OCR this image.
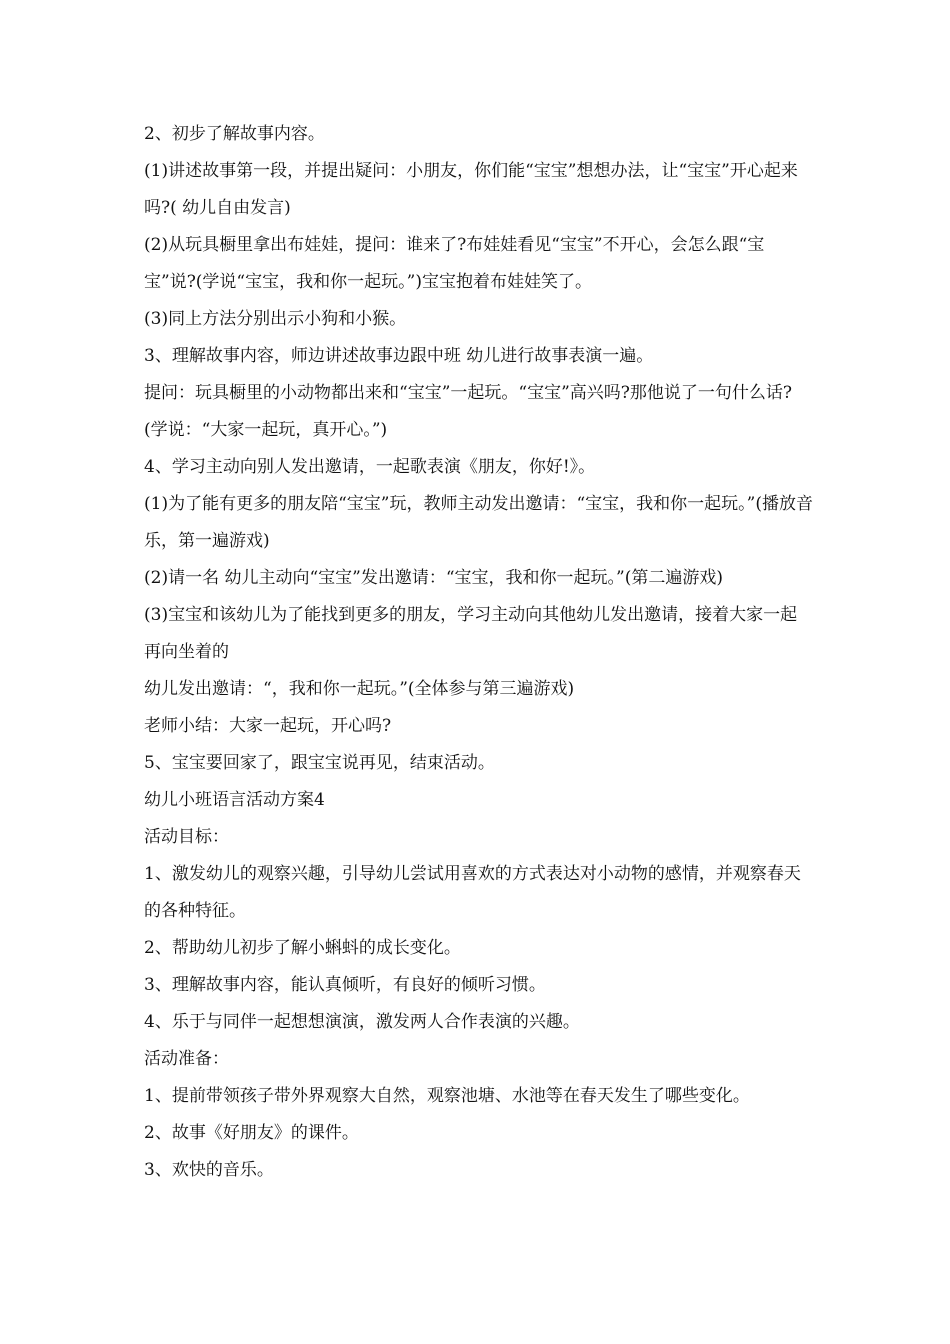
2、初步了解故事内容。

(1)讲述故事第一段，并提出疑问：小朋友，你们能“宝宝”想想办法，让“宝宝”开心起来吗?( 幼儿自由发言)

(2)从玩具橱里拿出布娃娃，提问：谁来了?布娃娃看见“宝宝”不开心，会怎么跟“宝宝”说?(学说“宝宝，我和你一起玩。”)宝宝抱着布娃娃笑了。

(3)同上方法分别出示小狗和小猴。

3、理解故事内容，师边讲述故事边跟中班 幼儿进行故事表演一遍。

提问：玩具橱里的小动物都出来和“宝宝”一起玩。“宝宝”高兴吗?那他说了一句什么话?(学说：“大家一起玩，真开心。”)

4、学习主动向别人发出邀请，一起歌表演《朋友，你好!》。

(1)为了能有更多的朋友陪“宝宝”玩，教师主动发出邀请：“宝宝，我和你一起玩。”(播放音乐，第一遍游戏)

(2)请一名 幼儿主动向“宝宝”发出邀请：“宝宝，我和你一起玩。”(第二遍游戏)

(3)宝宝和该幼儿为了能找到更多的朋友，学习主动向其他幼儿发出邀请，接着大家一起再向坐着的

幼儿发出邀请：“，我和你一起玩。”(全体参与第三遍游戏)

老师小结：大家一起玩，开心吗?

5、宝宝要回家了，跟宝宝说再见，结束活动。

幼儿小班语言活动方案4

活动目标：

1、激发幼儿的观察兴趣，引导幼儿尝试用喜欢的方式表达对小动物的感情，并观察春天的各种特征。

2、帮助幼儿初步了解小蝌蚪的成长变化。

3、理解故事内容，能认真倾听，有良好的倾听习惯。

4、乐于与同伴一起想想演演，激发两人合作表演的兴趣。

活动准备：

1、提前带领孩子带外界观察大自然，观察池塘、水池等在春天发生了哪些变化。

2、故事《好朋友》的课件。

3、欢快的音乐。
